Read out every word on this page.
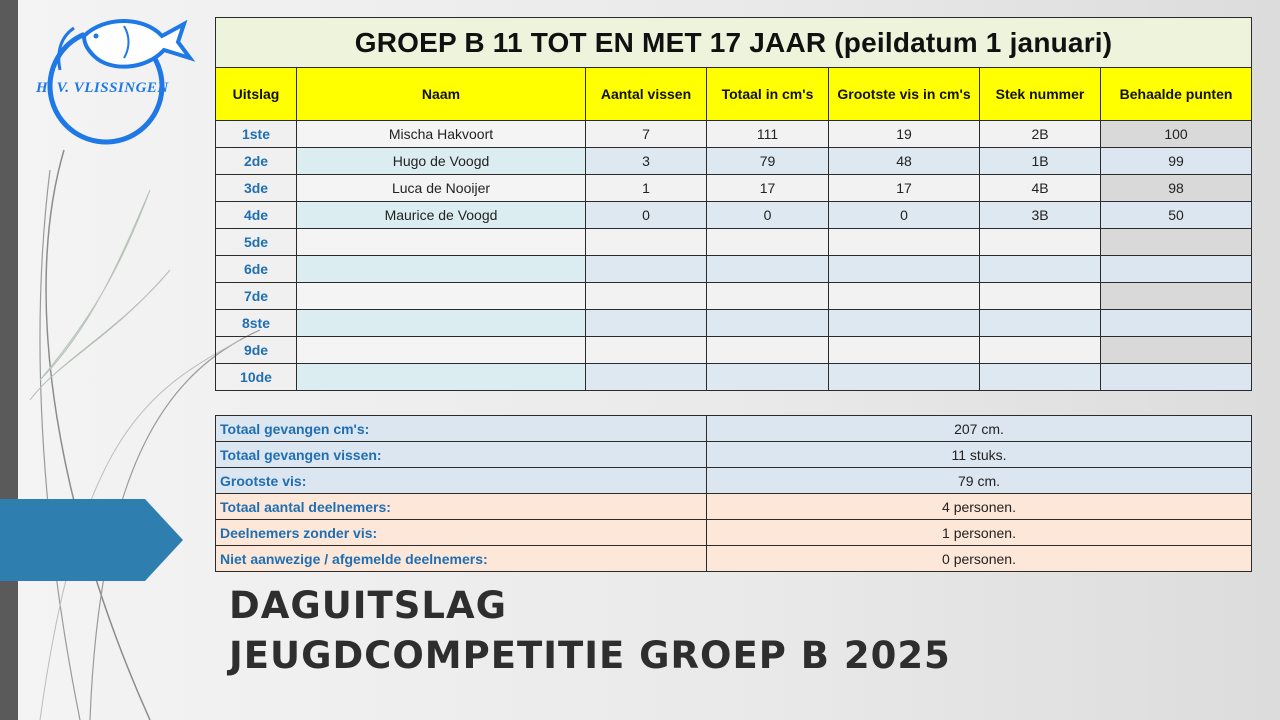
H. V. VLISSINGEN
GROEP B 11 TOT EN MET 17 JAAR (peildatum 1 januari)						
Uitslag	Naam	Aantal vissen	Totaal in cm's	Grootste vis in cm's	Stek nummer	Behaalde punten
1ste	Mischa Hakvoort	7	111	19	2B	100
2de	Hugo de Voogd	3	79	48	1B	99
3de	Luca de Nooijer	1	17	17	4B	98
4de	Maurice de Voogd	0	0	0	3B	50
5de						
6de						
7de						
8ste						
9de						
10de						

Totaal gevangen cm's:	207 cm.
Totaal gevangen vissen:	11 stuks.
Grootste vis:	79 cm.
Totaal aantal deelnemers:	4 personen.
Deelnemers zonder vis:	1 personen.
Niet aanwezige / afgemelde deelnemers:	0 personen.
DAGUITSLAG
JEUGDCOMPETITIE GROEP B 2025
